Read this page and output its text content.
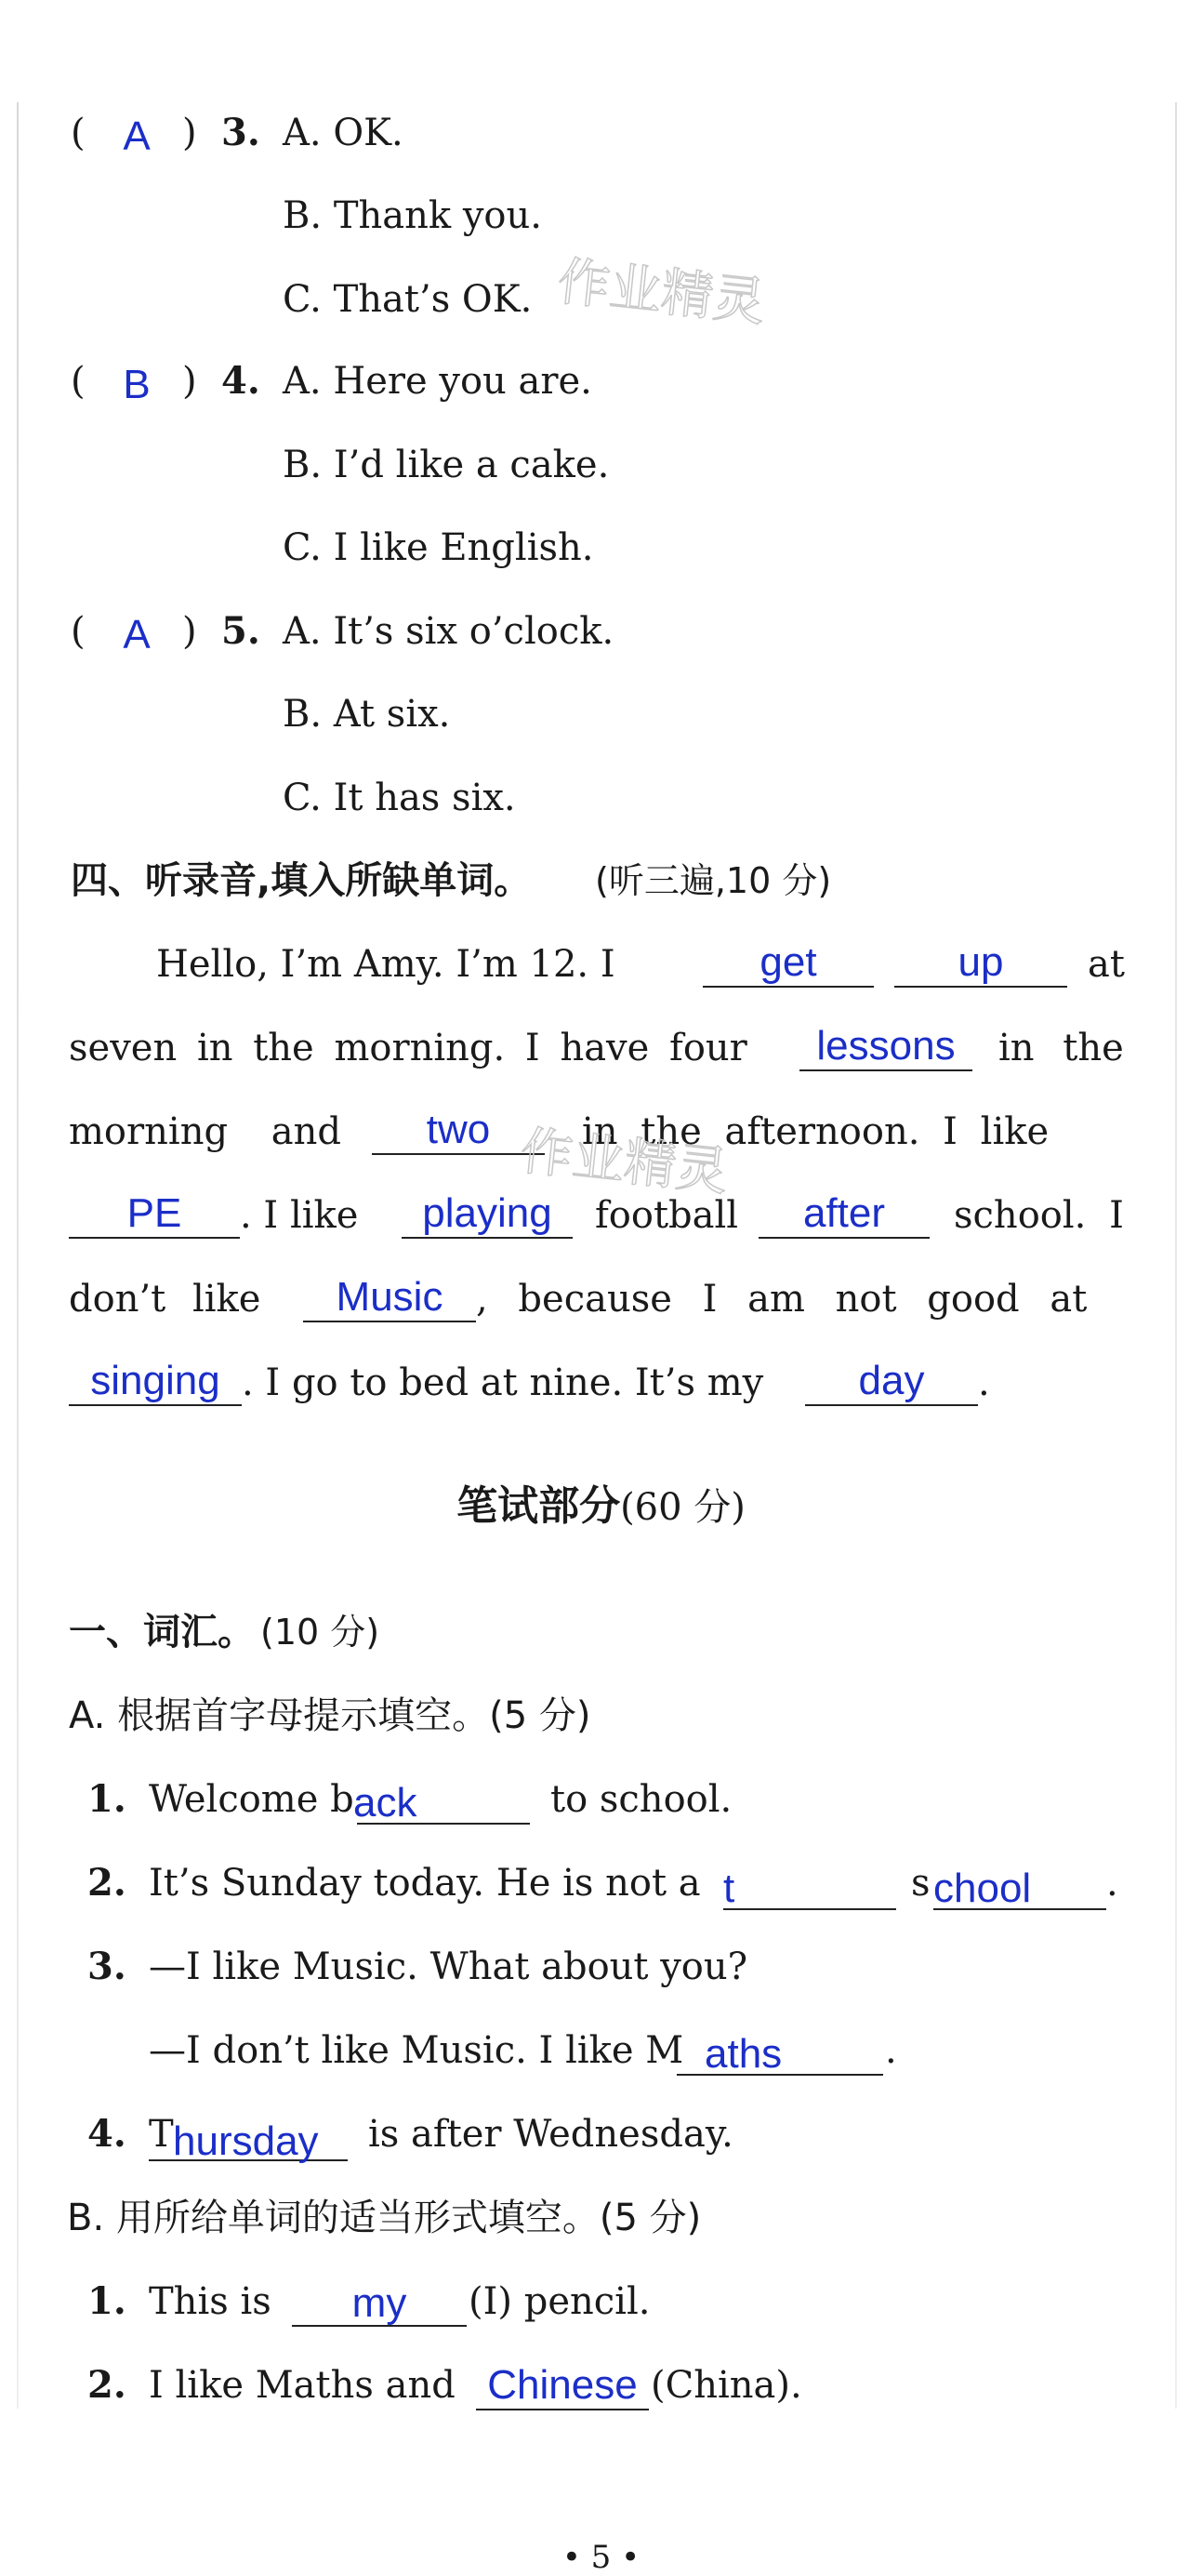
( A ) 3. A. OK.
B. Thank you.
C. That’s OK. 作业精灵
( B ) 4. A. Here you are.
B. I’d like a cake.
C. I like English.
( A ) 5. A. It’s six o’clock.
B. At six.
C. It has six.
四、听录音,填入所缺单词。 (听三遍,10 分)
Hello, I’m Amy. I’m 12. I	get	up	at
seven in the morning. I have four	lessons	in the
morning and	two	in the afternoon. I like
作业精灵
PE	. I like	playing	football	after	school. I
don’t like	Music , because I am not good at
singing . I go to bed at nine. It’s my	day	.
笔试部分(60 分)
一、词汇。 (10 分)
A. 根据首字母提示填空。(5 分)
1. Welcome b ack	to school.
2. It’s Sunday today. He is not a t	s chool .
3. —I like Music. What about you?
—I don’t like Music. I like M aths	.
4. T hursday is after Wednesday.
B. 用所给单词的适当形式填空。(5 分)
1. This is	my	(I) pencil.
2. I like Maths and Chinese (China).
• 5 •
